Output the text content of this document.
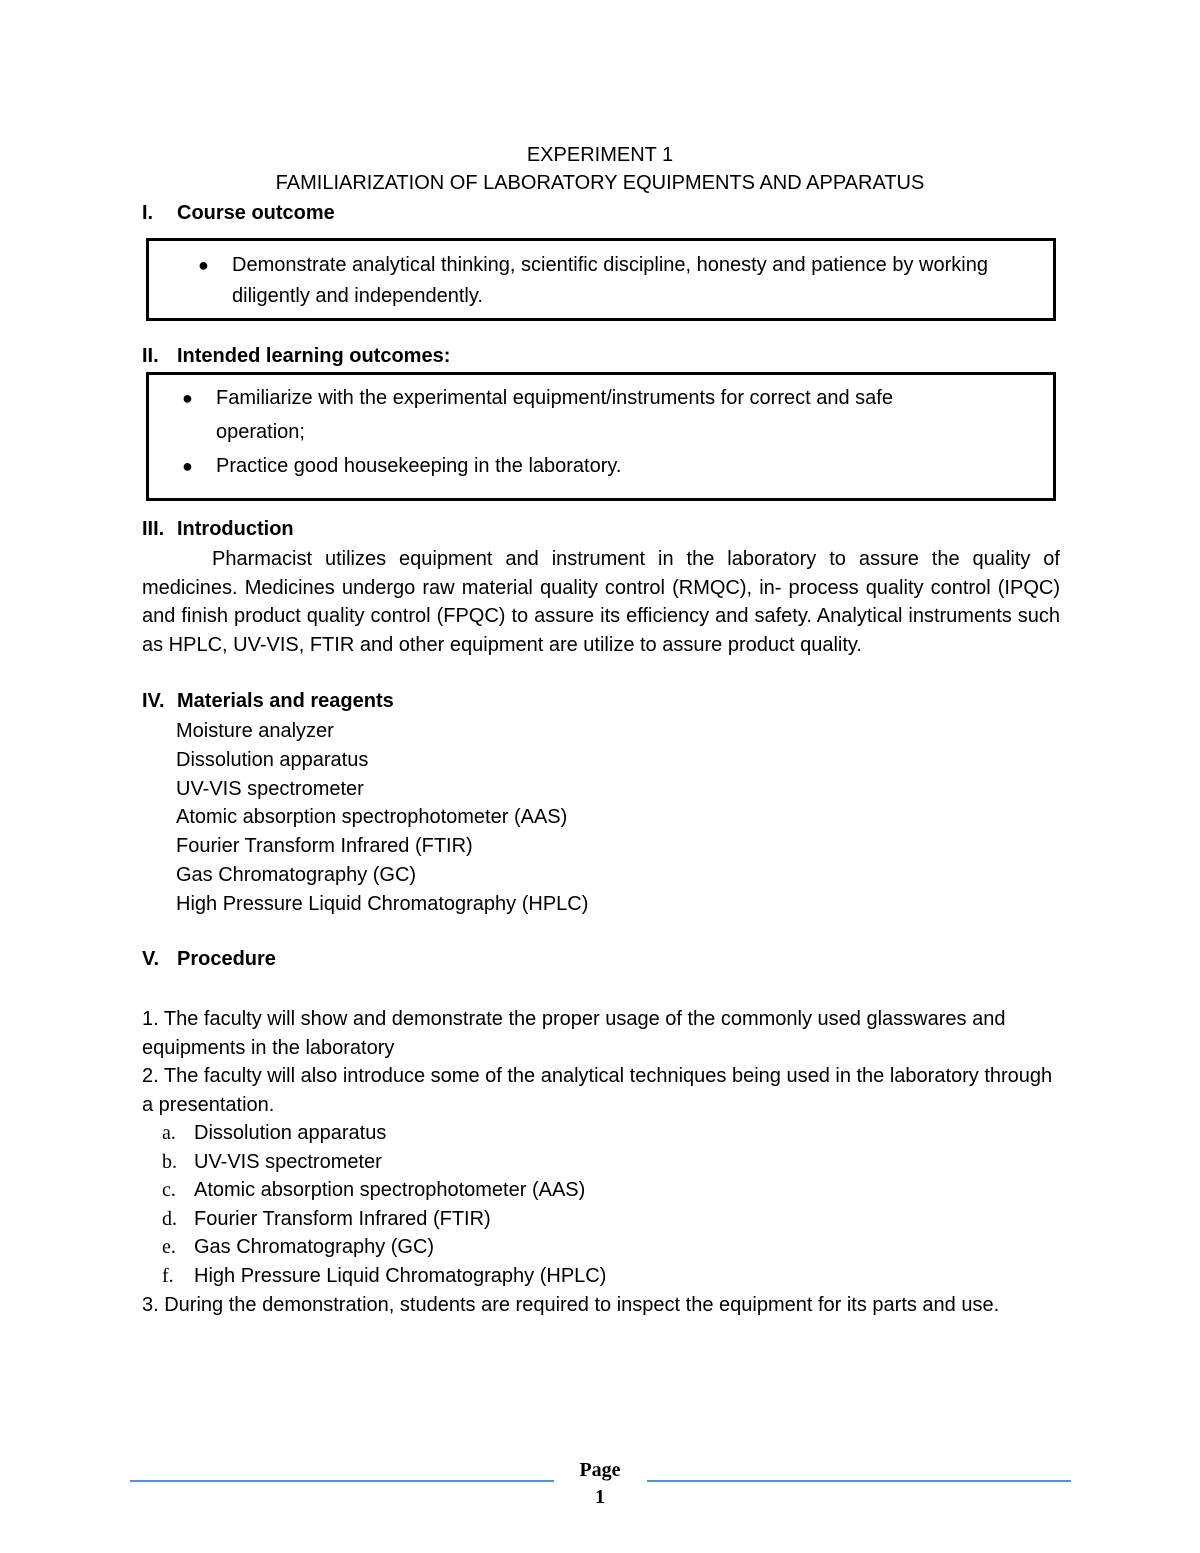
EXPERIMENT 1
FAMILIARIZATION OF LABORATORY EQUIPMENTS AND APPARATUS
I. Course outcome
● Demonstrate analytical thinking, scientific discipline, honesty and patience by working
diligently and independently.
II. Intended learning outcomes:
● Familiarize with the experimental equipment/instruments for correct and safe
operation;
● Practice good housekeeping in the laboratory.
III. Introduction
Pharmacist utilizes equipment and instrument in the laboratory to assure the quality of medicines. Medicines undergo raw material quality control (RMQC), in- process quality control (IPQC) and finish product quality control (FPQC) to assure its efficiency and safety. Analytical instruments such as HPLC, UV-VIS, FTIR and other equipment are utilize to assure product quality.
IV. Materials and reagents
Moisture analyzer
Dissolution apparatus
UV-VIS spectrometer
Atomic absorption spectrophotometer (AAS)
Fourier Transform Infrared (FTIR)
Gas Chromatography (GC)
High Pressure Liquid Chromatography (HPLC)
V. Procedure
1. The faculty will show and demonstrate the proper usage of the commonly used glasswares and equipments in the laboratory
2. The faculty will also introduce some of the analytical techniques being used in the laboratory through a presentation.
a. Dissolution apparatus
b. UV-VIS spectrometer
c. Atomic absorption spectrophotometer (AAS)
d. Fourier Transform Infrared (FTIR)
e. Gas Chromatography (GC)
f. High Pressure Liquid Chromatography (HPLC)
3. During the demonstration, students are required to inspect the equipment for its parts and use.
Page
1
